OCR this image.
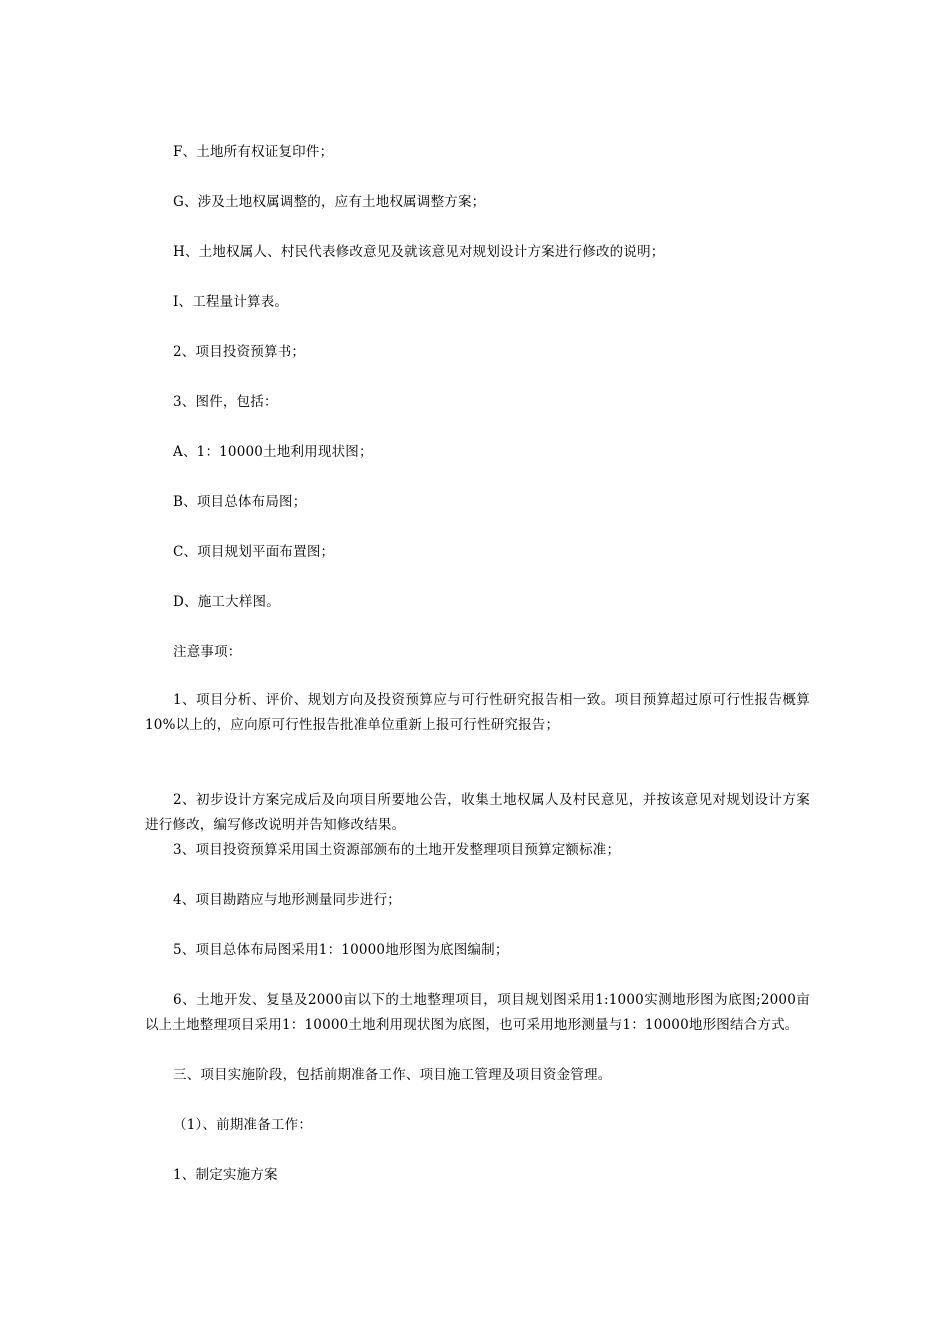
F、土地所有权证复印件；
G、涉及土地权属调整的，应有土地权属调整方案；
H、土地权属人、村民代表修改意见及就该意见对规划设计方案进行修改的说明；
I、工程量计算表。
2、项目投资预算书；
3、图件，包括：
A、1：10000土地利用现状图；
B、项目总体布局图；
C、项目规划平面布置图；
D、施工大样图。
注意事项：
1、项目分析、评价、规划方向及投资预算应与可行性研究报告相一致。项目预算超过原可行性报告概算10%以上的，应向原可行性报告批准单位重新上报可行性研究报告；
2、初步设计方案完成后及向项目所要地公告，收集土地权属人及村民意见，并按该意见对规划设计方案进行修改，编写修改说明并告知修改结果。
3、项目投资预算采用国土资源部颁布的土地开发整理项目预算定额标准；
4、项目勘踏应与地形测量同步进行；
5、项目总体布局图采用1：10000地形图为底图编制；
6、土地开发、复垦及2000亩以下的土地整理项目，项目规划图采用1:1000实测地形图为底图;2000亩以上土地整理项目采用1：10000土地利用现状图为底图，也可采用地形测量与1：10000地形图结合方式。
三、项目实施阶段，包括前期准备工作、项目施工管理及项目资金管理。
（1）、前期准备工作：
1、制定实施方案
